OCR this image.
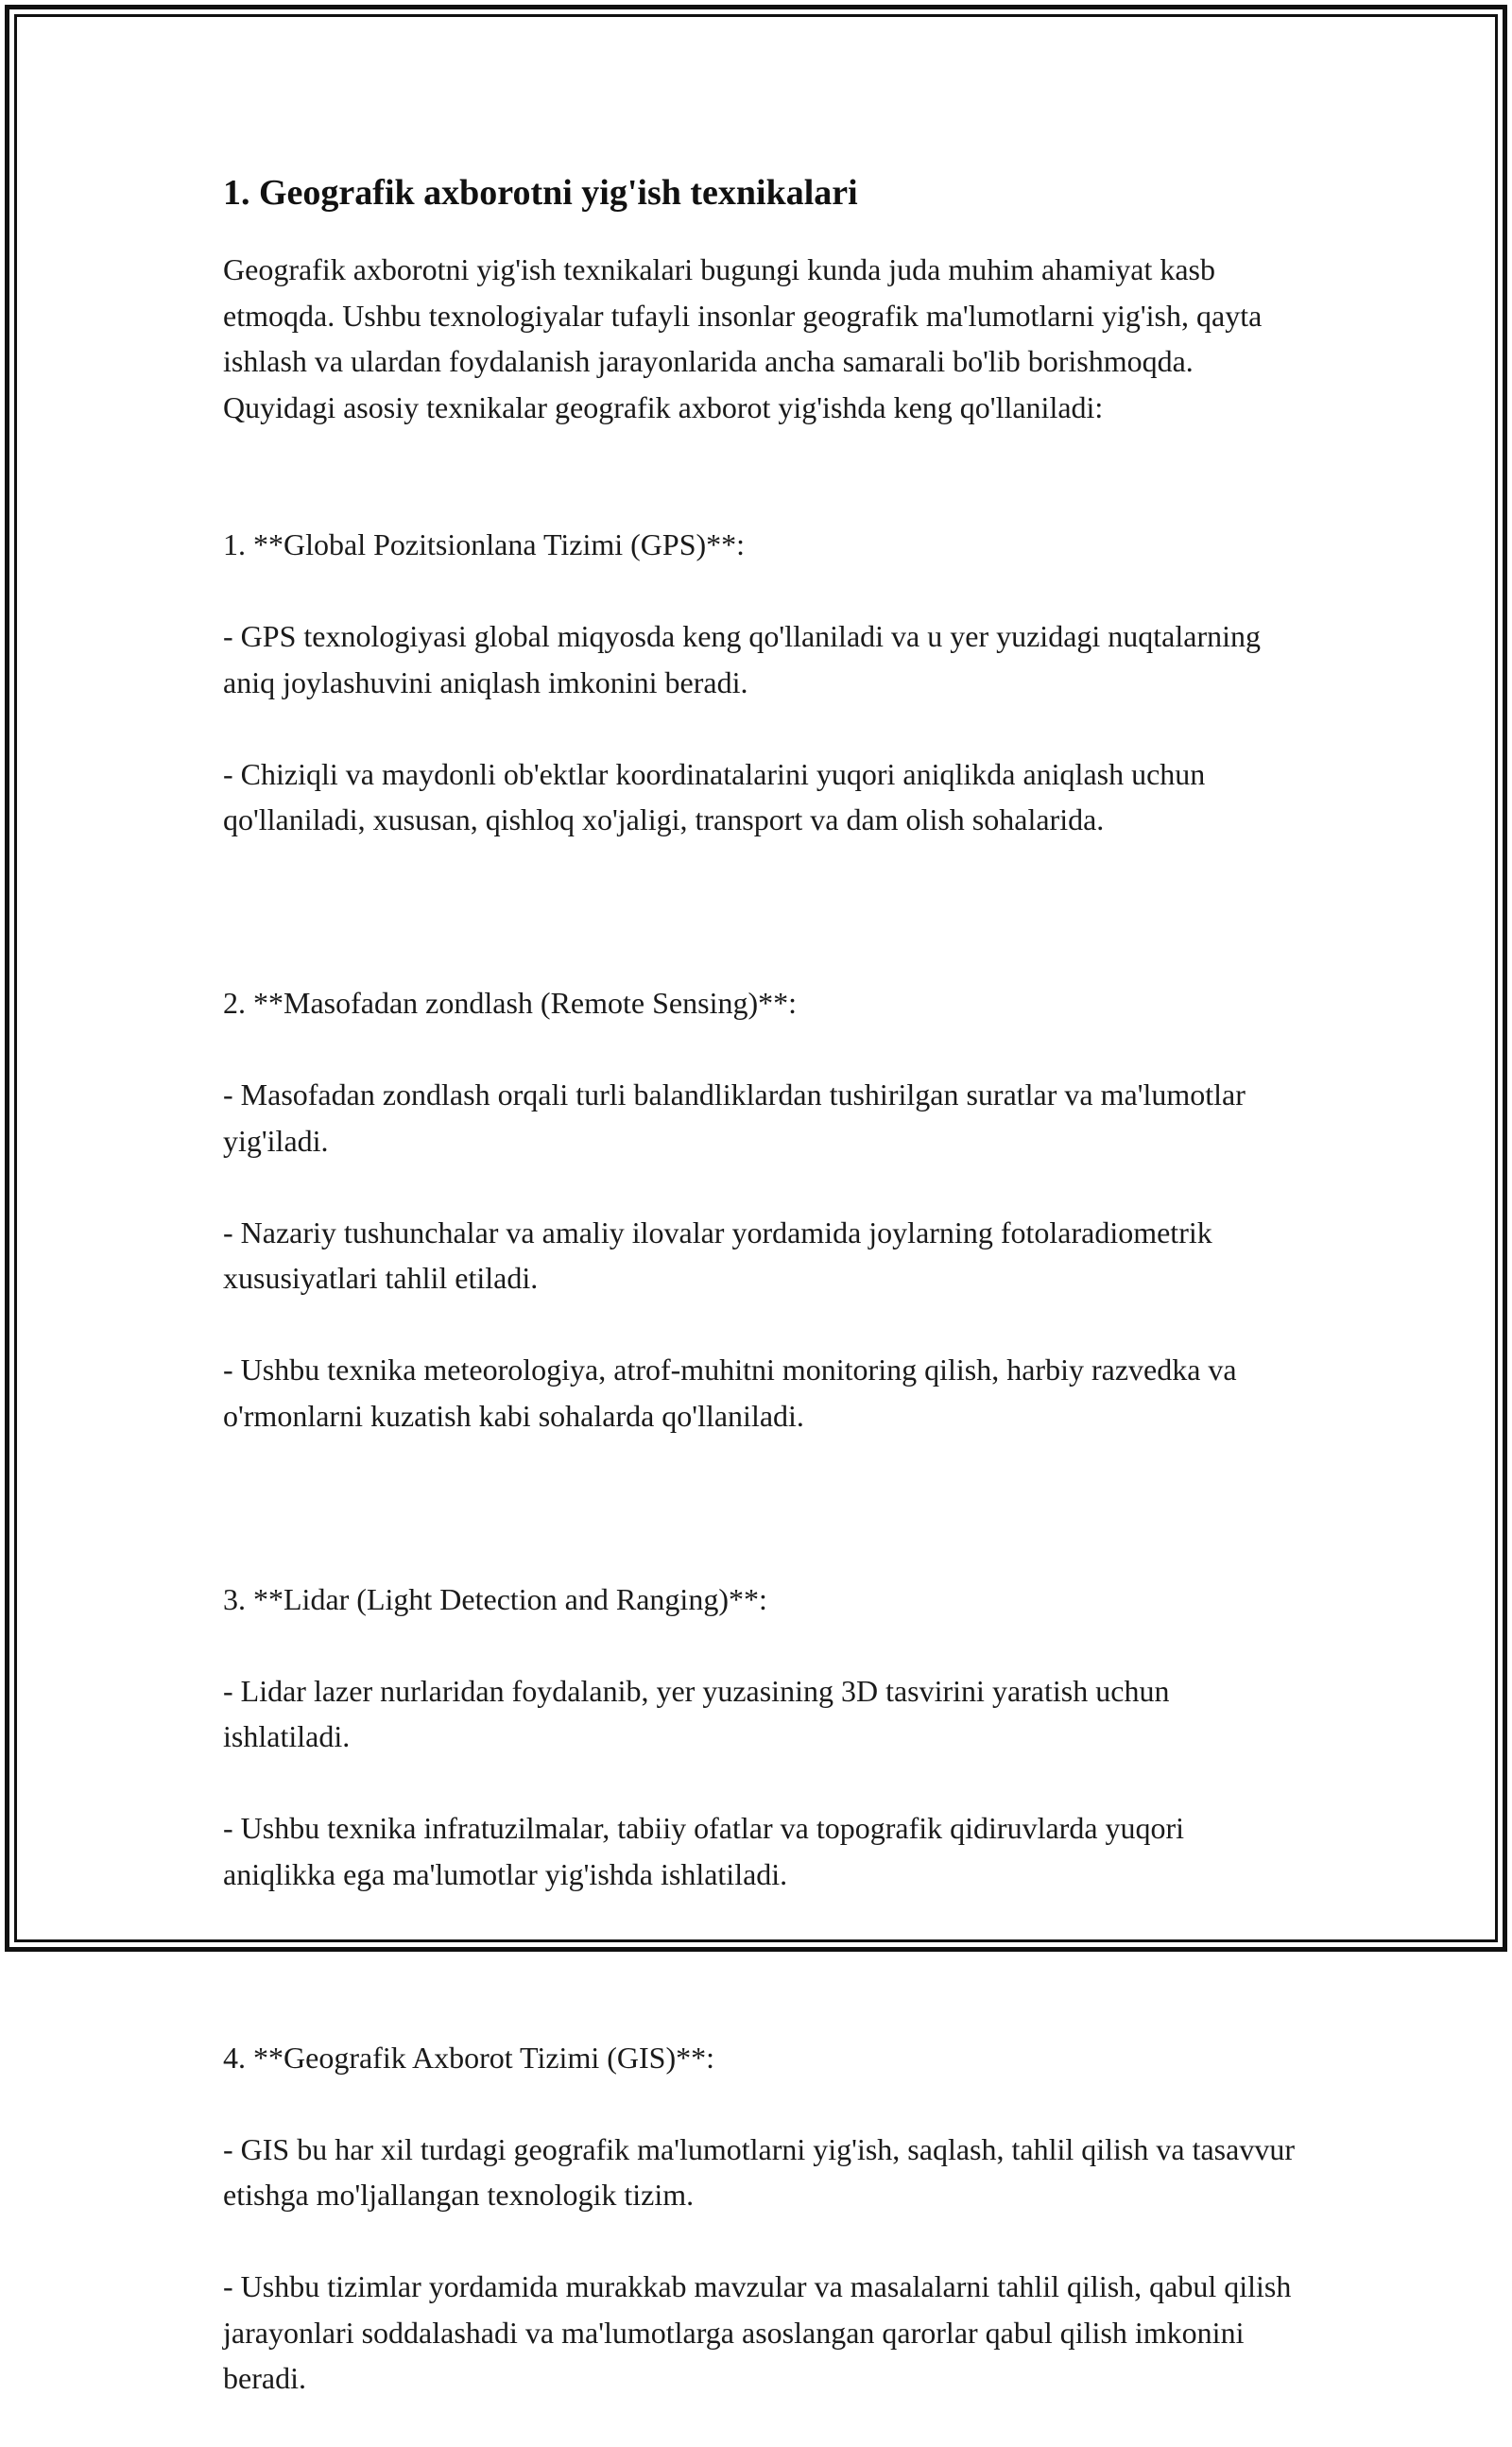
1. Geografik axborotni yig'ish texnikalari

Geografik axborotni yig'ish texnikalari bugungi kunda juda muhim ahamiyat kasb etmoqda. Ushbu texnologiyalar tufayli insonlar geografik ma'lumotlarni yig'ish, qayta ishlash va ulardan foydalanish jarayonlarida ancha samarali bo'lib borishmoqda. Quyidagi asosiy texnikalar geografik axborot yig'ishda keng qo'llaniladi:

1. **Global Pozitsionlana Tizimi (GPS)**:

- GPS texnologiyasi global miqyosda keng qo'llaniladi va u yer yuzidagi nuqtalarning aniq joylashuvini aniqlash imkonini beradi.

- Chiziqli va maydonli ob'ektlar koordinatalarini yuqori aniqlikda aniqlash uchun qo'llaniladi, xususan, qishloq xo'jaligi, transport va dam olish sohalarida.

2. **Masofadan zondlash (Remote Sensing)**:

- Masofadan zondlash orqali turli balandliklardan tushirilgan suratlar va ma'lumotlar yig'iladi.

- Nazariy tushunchalar va amaliy ilovalar yordamida joylarning fotolaradiometrik xususiyatlari tahlil etiladi.

- Ushbu texnika meteorologiya, atrof-muhitni monitoring qilish, harbiy razvedka va o'rmonlarni kuzatish kabi sohalarda qo'llaniladi.

3. **Lidar (Light Detection and Ranging)**:

- Lidar lazer nurlaridan foydalanib, yer yuzasining 3D tasvirini yaratish uchun ishlatiladi.

- Ushbu texnika infratuzilmalar, tabiiy ofatlar va topografik qidiruvlarda yuqori aniqlikka ega ma'lumotlar yig'ishda ishlatiladi.

4. **Geografik Axborot Tizimi (GIS)**:

- GIS bu har xil turdagi geografik ma'lumotlarni yig'ish, saqlash, tahlil qilish va tasavvur etishga mo'ljallangan texnologik tizim.

- Ushbu tizimlar yordamida murakkab mavzular va masalalarni tahlil qilish, qabul qilish jarayonlari soddalashadi va ma'lumotlarga asoslangan qarorlar qabul qilish imkonini beradi.
